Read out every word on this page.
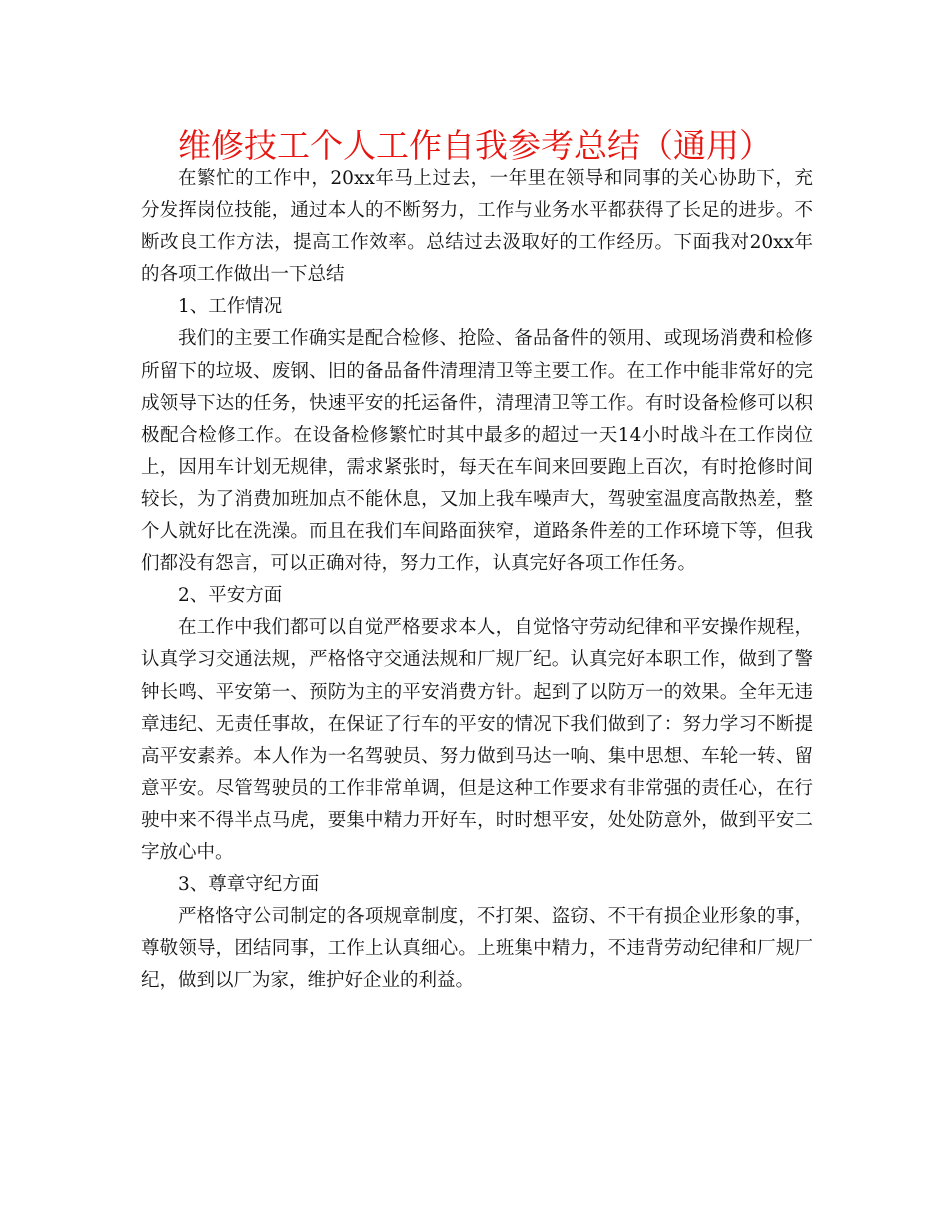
维修技工个人工作自我参考总结（通用）

在繁忙的工作中，20xx年马上过去，一年里在领导和同事的关心协助下，充分发挥岗位技能，通过本人的不断努力，工作与业务水平都获得了长足的进步。不断改良工作方法，提高工作效率。总结过去汲取好的工作经历。下面我对20xx年的各项工作做出一下总结

1、工作情况

我们的主要工作确实是配合检修、抢险、备品备件的领用、或现场消费和检修所留下的垃圾、废钢、旧的备品备件清理清卫等主要工作。在工作中能非常好的完成领导下达的任务，快速平安的托运备件，清理清卫等工作。有时设备检修可以积极配合检修工作。在设备检修繁忙时其中最多的超过一天14小时战斗在工作岗位上，因用车计划无规律，需求紧张时，每天在车间来回要跑上百次，有时抢修时间较长，为了消费加班加点不能休息，又加上我车噪声大，驾驶室温度高散热差，整个人就好比在洗澡。而且在我们车间路面狭窄，道路条件差的工作环境下等，但我们都没有怨言，可以正确对待，努力工作，认真完好各项工作任务。

2、平安方面

在工作中我们都可以自觉严格要求本人，自觉恪守劳动纪律和平安操作规程，认真学习交通法规，严格恪守交通法规和厂规厂纪。认真完好本职工作，做到了警钟长鸣、平安第一、预防为主的平安消费方针。起到了以防万一的效果。全年无违章违纪、无责任事故，在保证了行车的平安的情况下我们做到了：努力学习不断提高平安素养。本人作为一名驾驶员、努力做到马达一响、集中思想、车轮一转、留意平安。尽管驾驶员的工作非常单调，但是这种工作要求有非常强的责任心，在行驶中来不得半点马虎，要集中精力开好车，时时想平安，处处防意外，做到平安二字放心中。

3、尊章守纪方面

严格恪守公司制定的各项规章制度，不打架、盗窃、不干有损企业形象的事，尊敬领导，团结同事，工作上认真细心。上班集中精力，不违背劳动纪律和厂规厂纪，做到以厂为家，维护好企业的利益。
